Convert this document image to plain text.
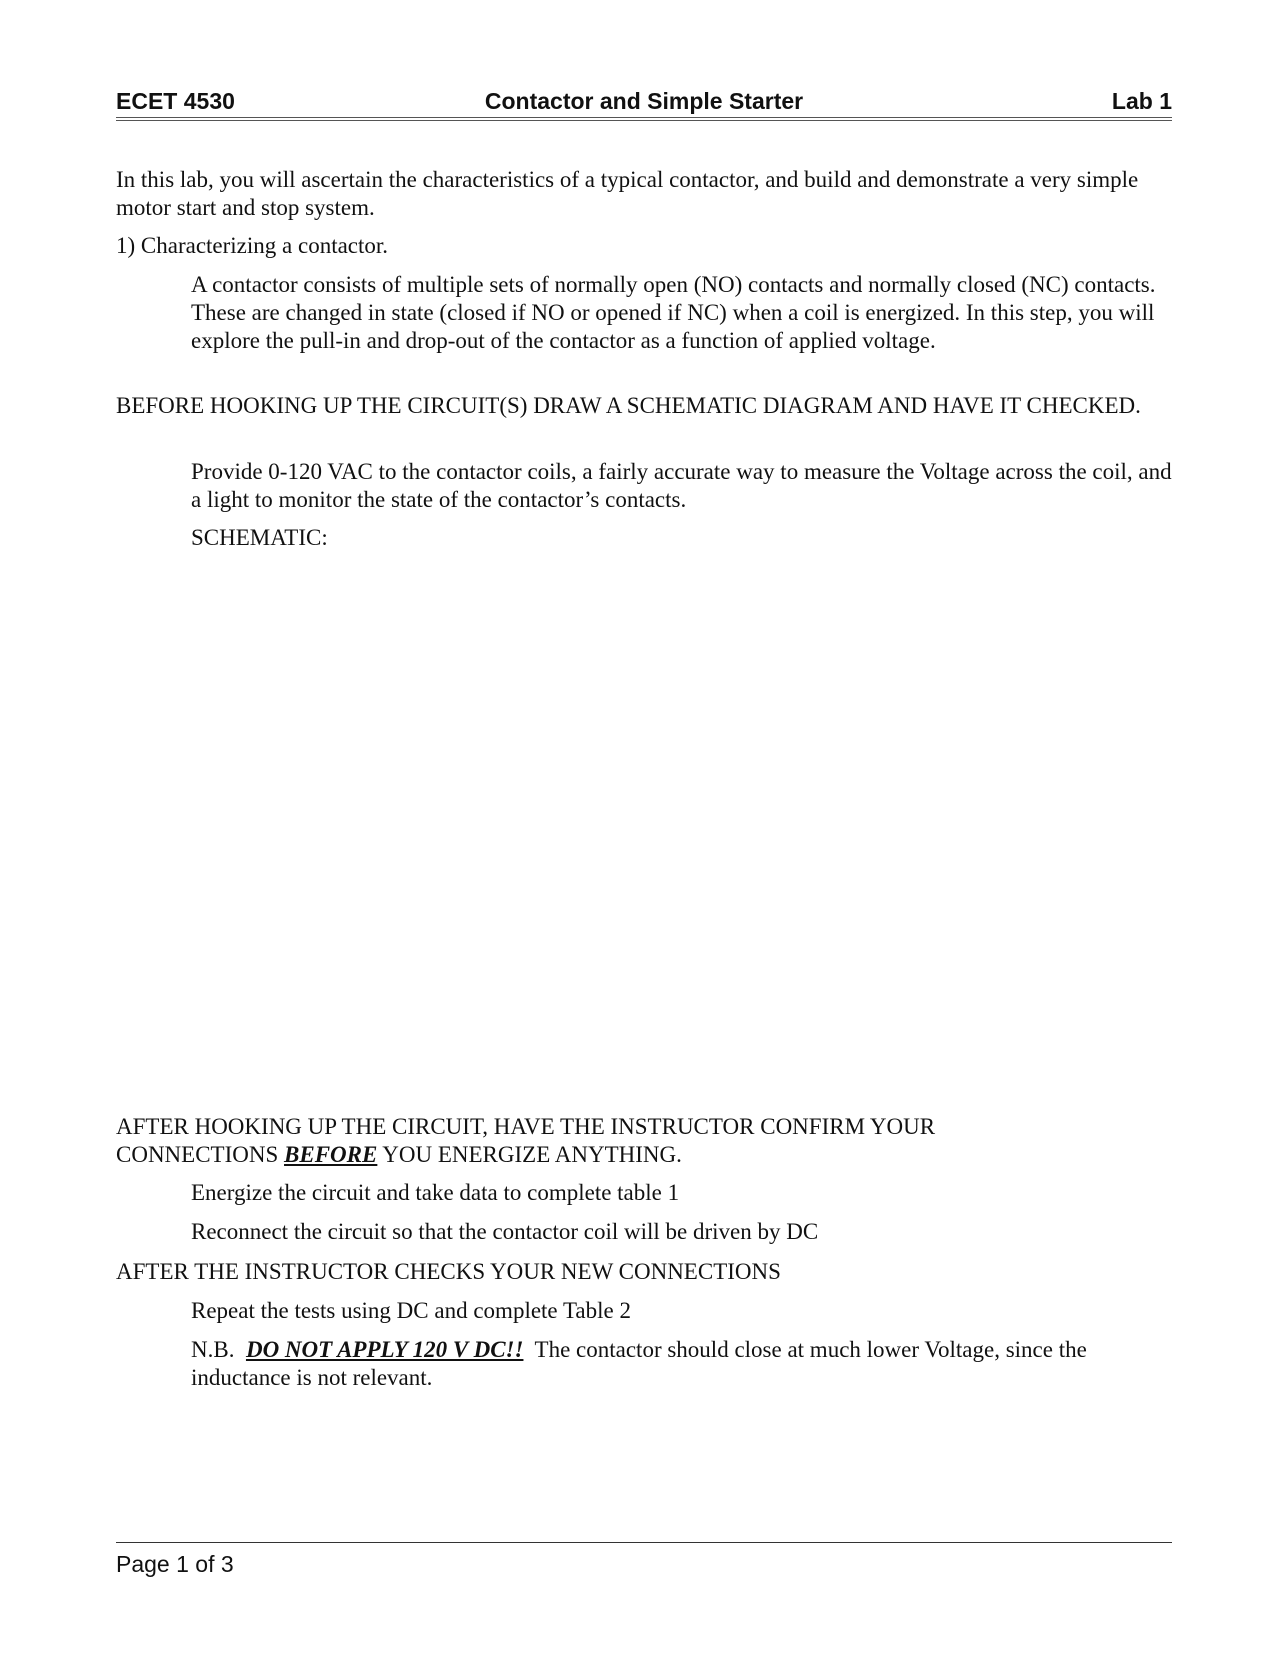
ECET 4530	Contactor and Simple Starter	Lab 1

In this lab, you will ascertain the characteristics of a typical contactor, and build and demonstrate a very simple motor start and stop system.

1) Characterizing a contactor.

A contactor consists of multiple sets of normally open (NO) contacts and normally closed (NC) contacts. These are changed in state (closed if NO or opened if NC) when a coil is energized. In this step, you will explore the pull-in and drop-out of the contactor as a function of applied voltage.

BEFORE HOOKING UP THE CIRCUIT(S) DRAW A SCHEMATIC DIAGRAM AND HAVE IT CHECKED.

Provide 0-120 VAC to the contactor coils, a fairly accurate way to measure the Voltage across the coil, and a light to monitor the state of the contactor’s contacts.

SCHEMATIC:

AFTER HOOKING UP THE CIRCUIT, HAVE THE INSTRUCTOR CONFIRM YOUR CONNECTIONS BEFORE YOU ENERGIZE ANYTHING.

Energize the circuit and take data to complete table 1

Reconnect the circuit so that the contactor coil will be driven by DC

AFTER THE INSTRUCTOR CHECKS YOUR NEW CONNECTIONS

Repeat the tests using DC and complete Table 2

N.B.  DO NOT APPLY 120 V DC!!  The contactor should close at much lower Voltage, since the inductance is not relevant.

Page 1 of 3
